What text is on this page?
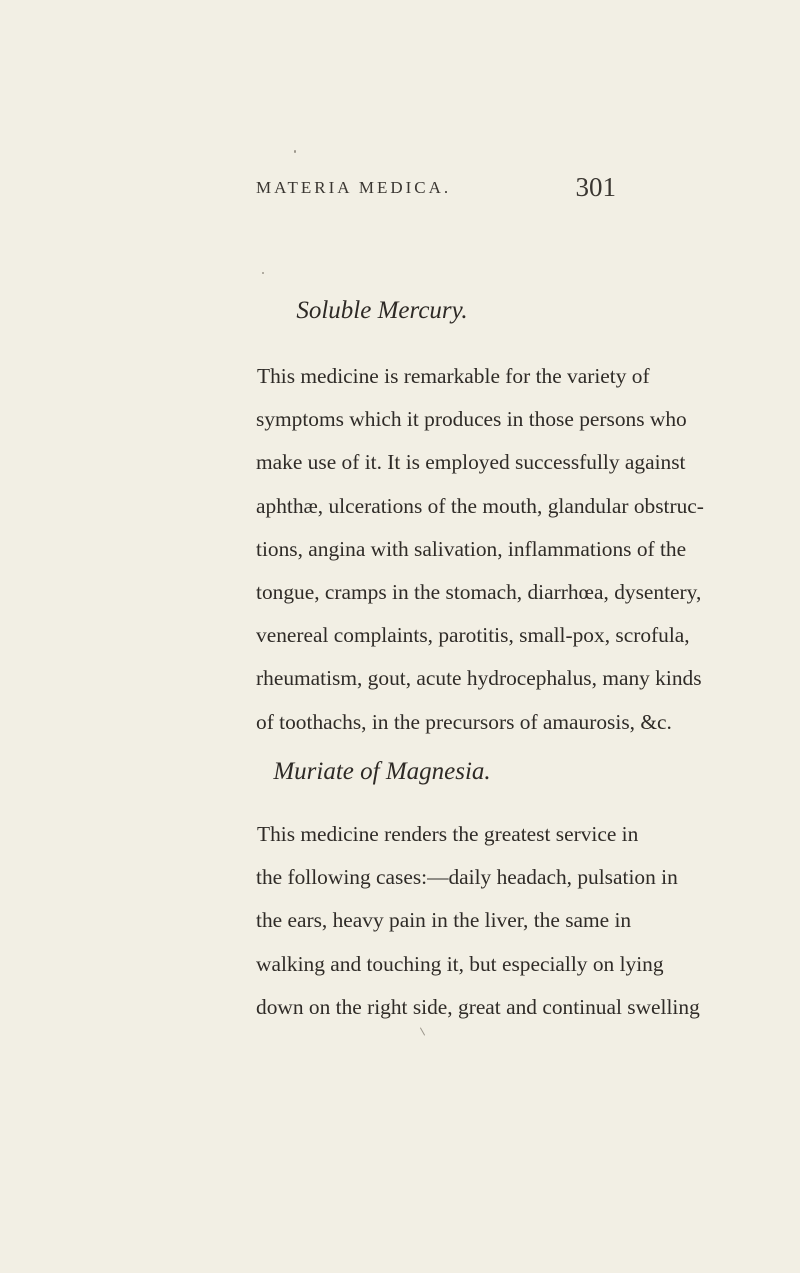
MATERIA MEDICA.	301
Soluble Mercury.
This medicine is remarkable for the variety of
symptoms which it produces in those persons who
make use of it. It is employed successfully against
aphthæ, ulcerations of the mouth, glandular obstruc-
tions, angina with salivation, inflammations of the
tongue, cramps in the stomach, diarrhœa, dysentery,
venereal complaints, parotitis, small-pox, scrofula,
rheumatism, gout, acute hydrocephalus, many kinds
of toothachs, in the precursors of amaurosis, &c.
Muriate of Magnesia.
This medicine renders the greatest service in
the following cases:—daily headach, pulsation in
the ears, heavy pain in the liver, the same in
walking and touching it, but especially on lying
down on the right side, great and continual swelling
